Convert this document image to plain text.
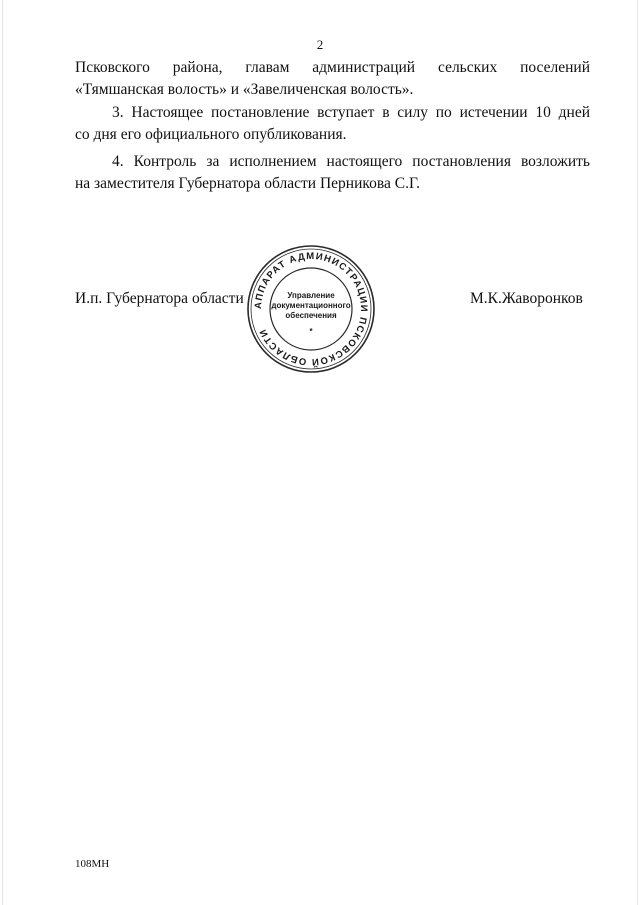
2
Псковского района, главам администраций сельских поселений
«Тямшанская волость» и «Завеличенская волость».
3. Настоящее постановление вступает в силу по истечении 10 дней
со дня его официального опубликования.
4. Контроль за исполнением настоящего постановления возложить
на заместителя Губернатора области Перникова С.Г.
И.п. Губернатора области	М.К.Жаворонков
АППАРАТ АДМИНИСТРАЦИИ ПСКОВСКОЙ ОБЛАСТИ
Управление
документационного
обеспечения
*
108МН
